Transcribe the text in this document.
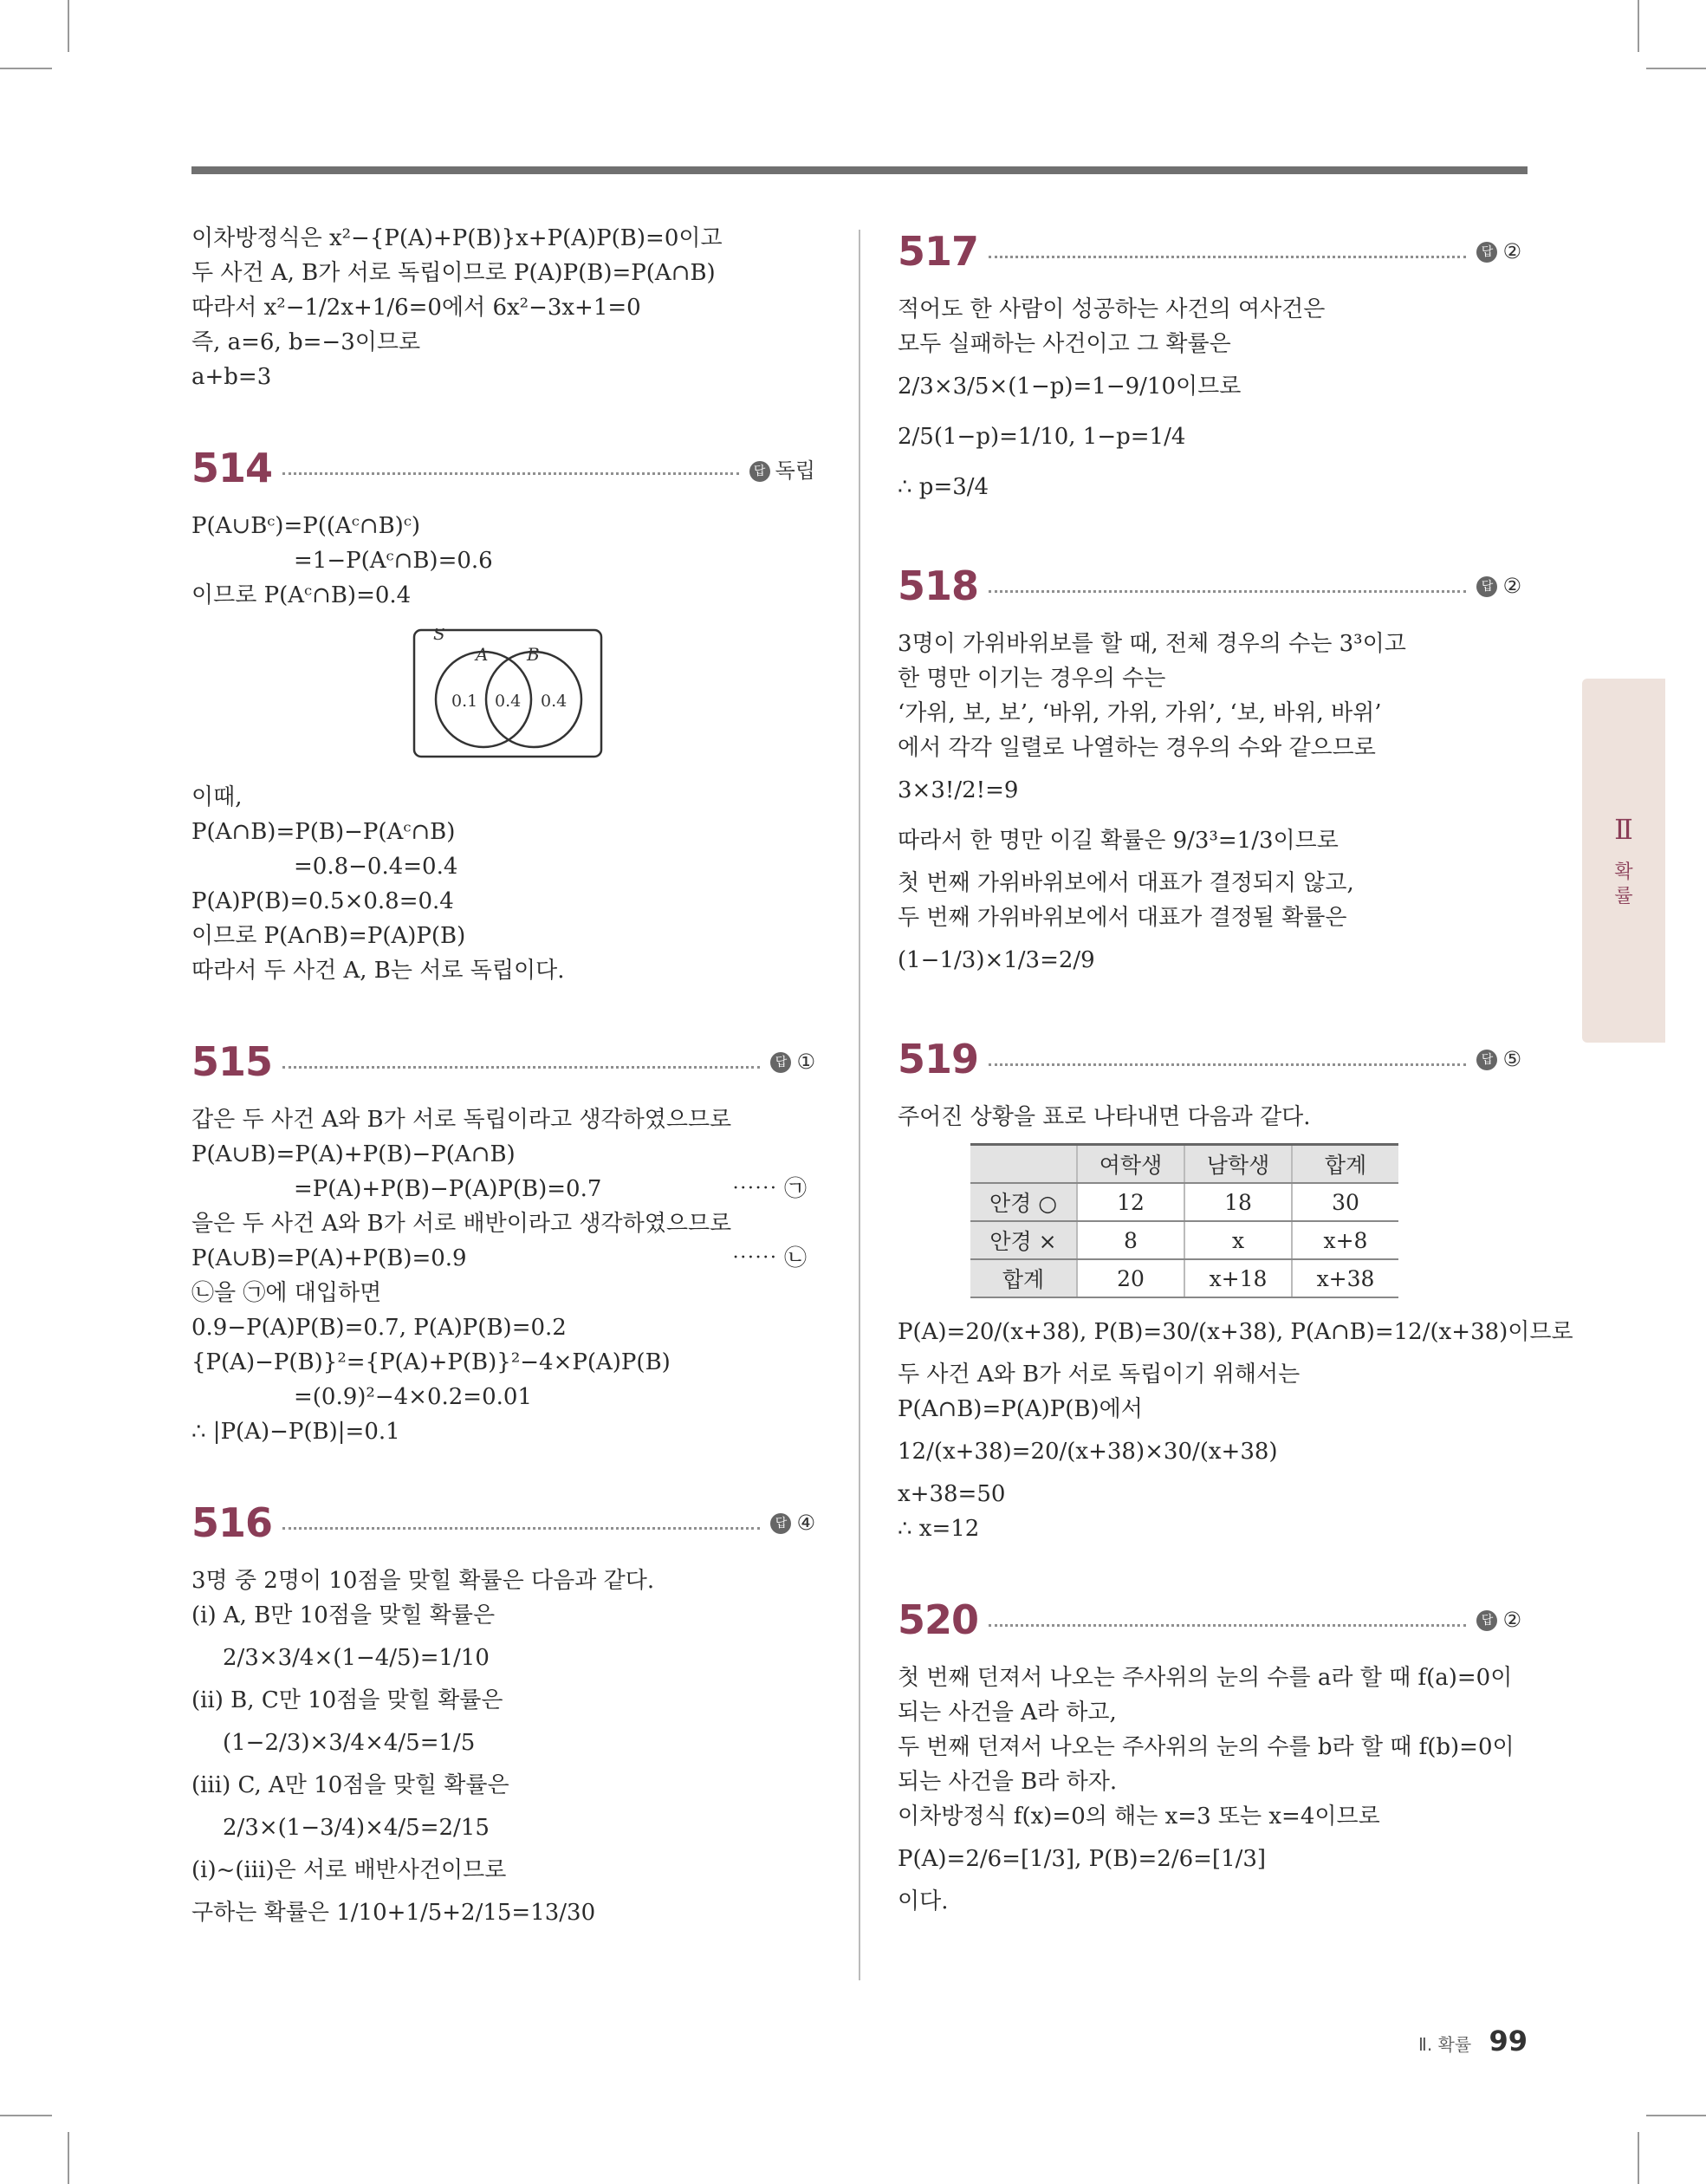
이차방정식은 x²−{P(A)+P(B)}x+P(A)P(B)=0이고
두 사건 A, B가 서로 독립이므로 P(A)P(B)=P(A∩B)
따라서 x²−1/2x+1/6=0에서 6x²−3x+1=0
즉, a=6, b=−3이므로
a+b=3
514	답 독립
P(A∪Bᶜ)=P((Aᶜ∩B)ᶜ)
=1−P(Aᶜ∩B)=0.6
이므로 P(Aᶜ∩B)=0.4
S
A B
0.1 0.4 0.4
이때,
P(A∩B)=P(B)−P(Aᶜ∩B)
=0.8−0.4=0.4
P(A)P(B)=0.5×0.8=0.4
이므로 P(A∩B)=P(A)P(B)
따라서 두 사건 A, B는 서로 독립이다.
515	답 ①
갑은 두 사건 A와 B가 서로 독립이라고 생각하였으므로
P(A∪B)=P(A)+P(B)−P(A∩B)
=P(A)+P(B)−P(A)P(B)=0.7	⋯⋯ ㉠
을은 두 사건 A와 B가 서로 배반이라고 생각하였으므로
P(A∪B)=P(A)+P(B)=0.9	⋯⋯ ㉡
㉡을 ㉠에 대입하면
0.9−P(A)P(B)=0.7, P(A)P(B)=0.2
{P(A)−P(B)}²={P(A)+P(B)}²−4×P(A)P(B)
=(0.9)²−4×0.2=0.01
∴ |P(A)−P(B)|=0.1
516	답 ④
3명 중 2명이 10점을 맞힐 확률은 다음과 같다.
(ⅰ) A, B만 10점을 맞힐 확률은
2/3×3/4×(1−4/5)=1/10
(ⅱ) B, C만 10점을 맞힐 확률은
(1−2/3)×3/4×4/5=1/5
(ⅲ) C, A만 10점을 맞힐 확률은
2/3×(1−3/4)×4/5=2/15
(ⅰ)~(ⅲ)은 서로 배반사건이므로
구하는 확률은 1/10+1/5+2/15=13/30
517	답 ②
적어도 한 사람이 성공하는 사건의 여사건은
모두 실패하는 사건이고 그 확률은
2/3×3/5×(1−p)=1−9/10이므로
2/5(1−p)=1/10, 1−p=1/4
∴ p=3/4
518	답 ②
3명이 가위바위보를 할 때, 전체 경우의 수는 3³이고
한 명만 이기는 경우의 수는
‘가위, 보, 보’, ‘바위, 가위, 가위’, ‘보, 바위, 바위’
에서 각각 일렬로 나열하는 경우의 수와 같으므로
3×3!/2!=9
따라서 한 명만 이길 확률은 9/3³=1/3이므로
첫 번째 가위바위보에서 대표가 결정되지 않고,
두 번째 가위바위보에서 대표가 결정될 확률은
(1−1/3)×1/3=2/9
519	답 ⑤
주어진 상황을 표로 나타내면 다음과 같다.
	여학생	남학생	합계
안경 ○	12	18	30
안경 ×	8	x	x+8
합계	20	x+18	x+38
P(A)=20/(x+38), P(B)=30/(x+38), P(A∩B)=12/(x+38)이므로
두 사건 A와 B가 서로 독립이기 위해서는
P(A∩B)=P(A)P(B)에서
12/(x+38)=20/(x+38)×30/(x+38)
x+38=50
∴ x=12
520	답 ②
첫 번째 던져서 나오는 주사위의 눈의 수를 a라 할 때 f(a)=0이
되는 사건을 A라 하고,
두 번째 던져서 나오는 주사위의 눈의 수를 b라 할 때 f(b)=0이
되는 사건을 B라 하자.
이차방정식 f(x)=0의 해는 x=3 또는 x=4이므로
P(A)=2/6=[1/3], P(B)=2/6=[1/3]
이다.
Ⅱ
확
률
Ⅱ. 확률 99
